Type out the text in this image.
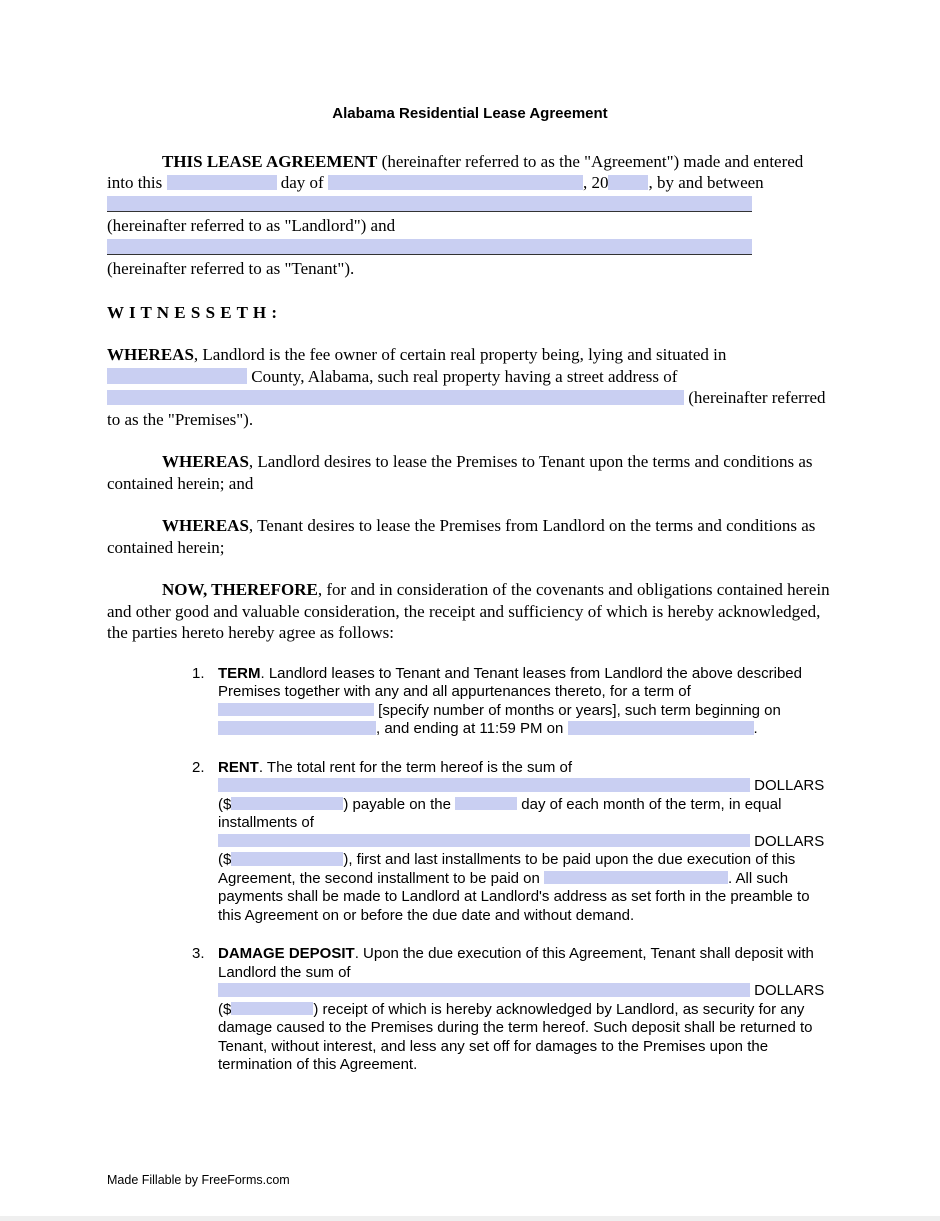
Alabama Residential Lease Agreement

THIS LEASE AGREEMENT (hereinafter referred to as the "Agreement") made and entered into this	day of	, 20 , by and between  (hereinafter referred to as "Landlord") and  (hereinafter referred to as "Tenant").

W I T N E S S E T H :

WHEREAS, Landlord is the fee owner of certain real property being, lying and situated in  County, Alabama, such real property having a street address of  (hereinafter referred to as the "Premises").

WHEREAS, Landlord desires to lease the Premises to Tenant upon the terms and conditions as contained herein; and

WHEREAS, Tenant desires to lease the Premises from Landlord on the terms and conditions as contained herein;

NOW, THEREFORE, for and in consideration of the covenants and obligations contained herein and other good and valuable consideration, the receipt and sufficiency of which is hereby acknowledged, the parties hereto hereby agree as follows:

1. TERM. Landlord leases to Tenant and Tenant leases from Landlord the above described Premises together with any and all appurtenances thereto, for a term of  [specify number of months or years], such term beginning on , and ending at 11:59 PM on	.
2. RENT. The total rent for the term hereof is the sum of  DOLLARS ($	) payable on the	day of each month of the term, in equal installments of  DOLLARS ($	), first and last installments to be paid upon the due execution of this Agreement, the second installment to be paid on	. All such payments shall be made to Landlord at Landlord's address as set forth in the preamble to this Agreement on or before the due date and without demand.
3. DAMAGE DEPOSIT. Upon the due execution of this Agreement, Tenant shall deposit with Landlord the sum of  DOLLARS ($	) receipt of which is hereby acknowledged by Landlord, as security for any damage caused to the Premises during the term hereof. Such deposit shall be returned to Tenant, without interest, and less any set off for damages to the Premises upon the termination of this Agreement.
Made Fillable by FreeForms.com
